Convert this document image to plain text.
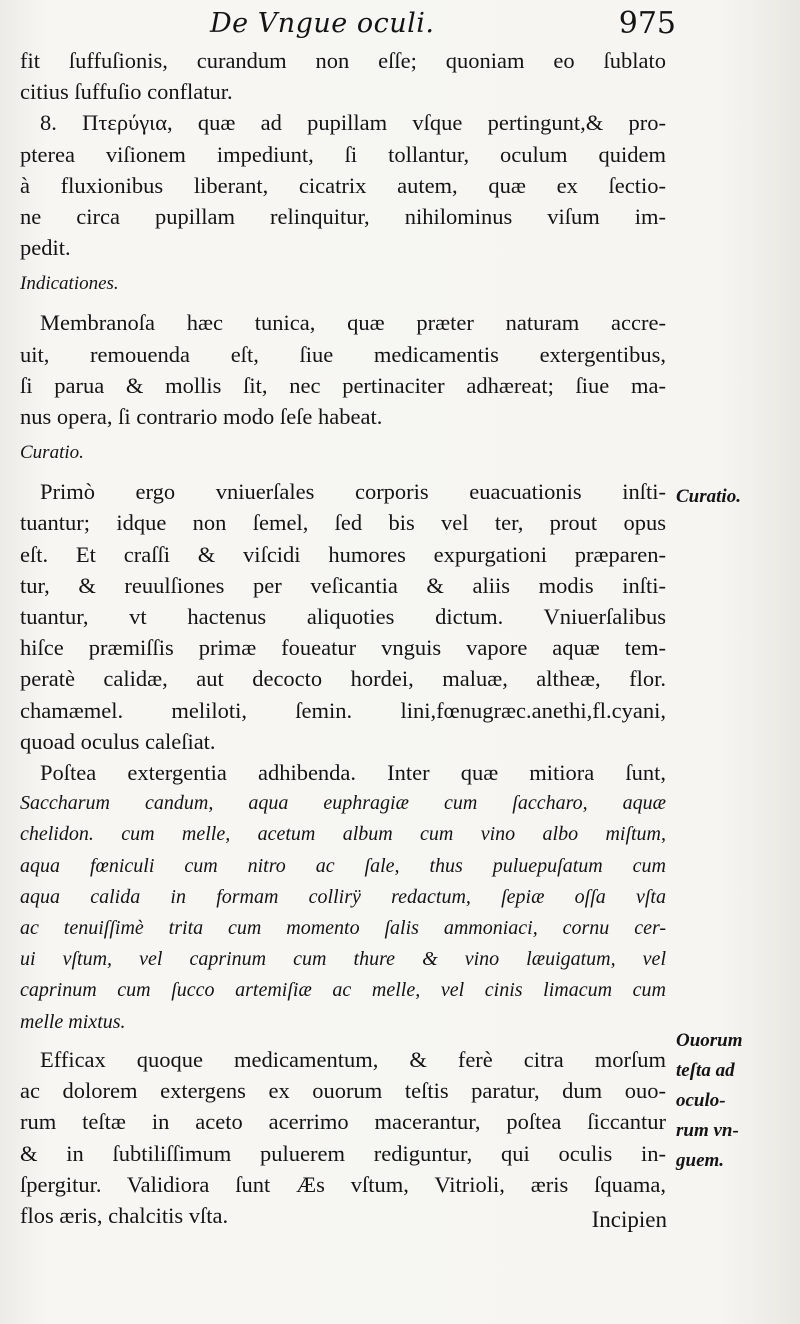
De Vngue oculi.	975

fit ſuffuſionis, curandum non eſſe; quoniam eo ſublato
citius ſuffuſio conflatur.
8. Πτερύγια, quæ ad pupillam vſque pertingunt,& pro-
pterea viſionem impediunt, ſi tollantur, oculum quidem
à fluxionibus liberant, cicatrix autem, quæ ex ſectio-
ne circa pupillam relinquitur, nihilominus viſum im-
pedit.

Indicationes.

Membranoſa hæc tunica, quæ præter naturam accre-
uit, remouenda eſt, ſiue medicamentis extergentibus,
ſi parua & mollis ſit, nec pertinaciter adhæreat; ſiue ma-
nus opera, ſi contrario modo ſeſe habeat.

Curatio.

Primò ergo vniuerſales corporis euacuationis inſti-
tuantur; idque non ſemel, ſed bis vel ter, prout opus
eſt. Et craſſi & viſcidi humores expurgationi præparen-
tur, & reuulſiones per veſicantia & aliis modis inſti-
tuantur, vt hactenus aliquoties dictum. Vniuerſalibus
hiſce præmiſſis primæ foueatur vnguis vapore aquæ tem-
peratè calidæ, aut decocto hordei, maluæ, altheæ, flor.
chamæmel. meliloti, ſemin. lini,fœnugræc.anethi,fl.cyani,
quoad oculus caleſiat.

Poſtea extergentia adhibenda. Inter quæ mitiora ſunt,
Saccharum candum, aqua euphragiæ cum ſaccharo, aquæ
chelidon. cum melle, acetum album cum vino albo miſtum,
aqua fœniculi cum nitro ac ſale, thus puluериſatum cum
aqua calida in formam collirÿ redactum, ſepiæ oſſa vſta
ac tenuiſſimè trita cum momento ſalis ammoniaci, cornu cer-
ui vſtum, vel caprinum cum thure & vino læuigatum, vel
caprinum cum ſucco artemiſiæ ac melle, vel cinis limacum cum
melle mixtus.

Efficax quoque medicamentum, & ferè citra morſum
ac dolorem extergens ex ouorum teſtis paratur, dum ouo-
rum teſtæ in aceto acerrimo macerantur, poſtea ſiccantur
& in ſubtiliſſimum puluerem rediguntur, qui oculis in-
ſpergitur. Validiora ſunt Æs vſtum, Vitrioli, æris ſquama,
flos æris, chalcitis vſta.

Curatio.
Ouorum
teſta ad
oculo-
rum vn-
guem.
Incipien
